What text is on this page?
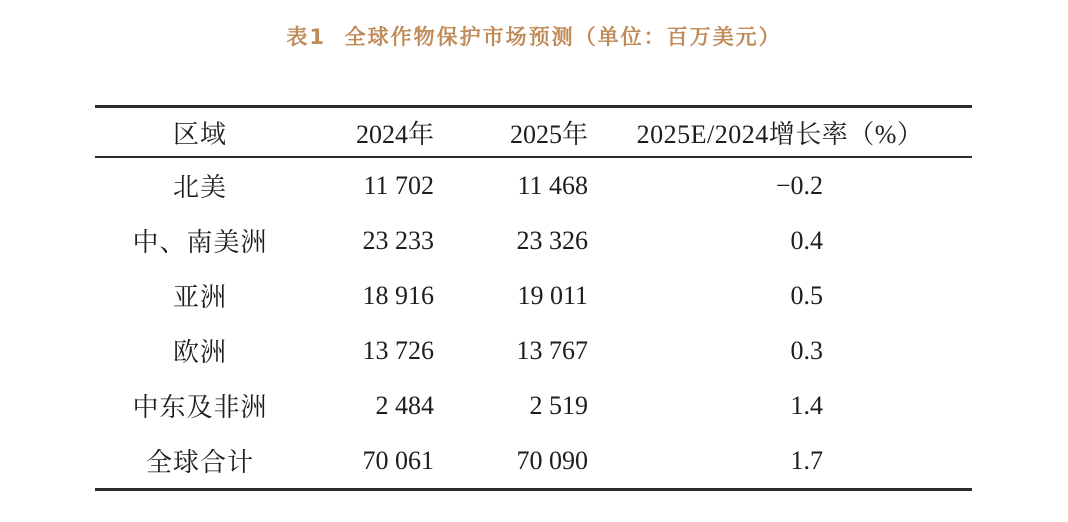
表1  全球作物保护市场预测（单位：百万美元）
区域	2024年	2025年	2025E/2024增长率（%）
北美	11 702	11 468	−0.2
中、南美洲	23 233	23 326	0.4
亚洲	18 916	19 011	0.5
欧洲	13 726	13 767	0.3
中东及非洲	2 484	2 519	1.4
全球合计	70 061	70 090	1.7
